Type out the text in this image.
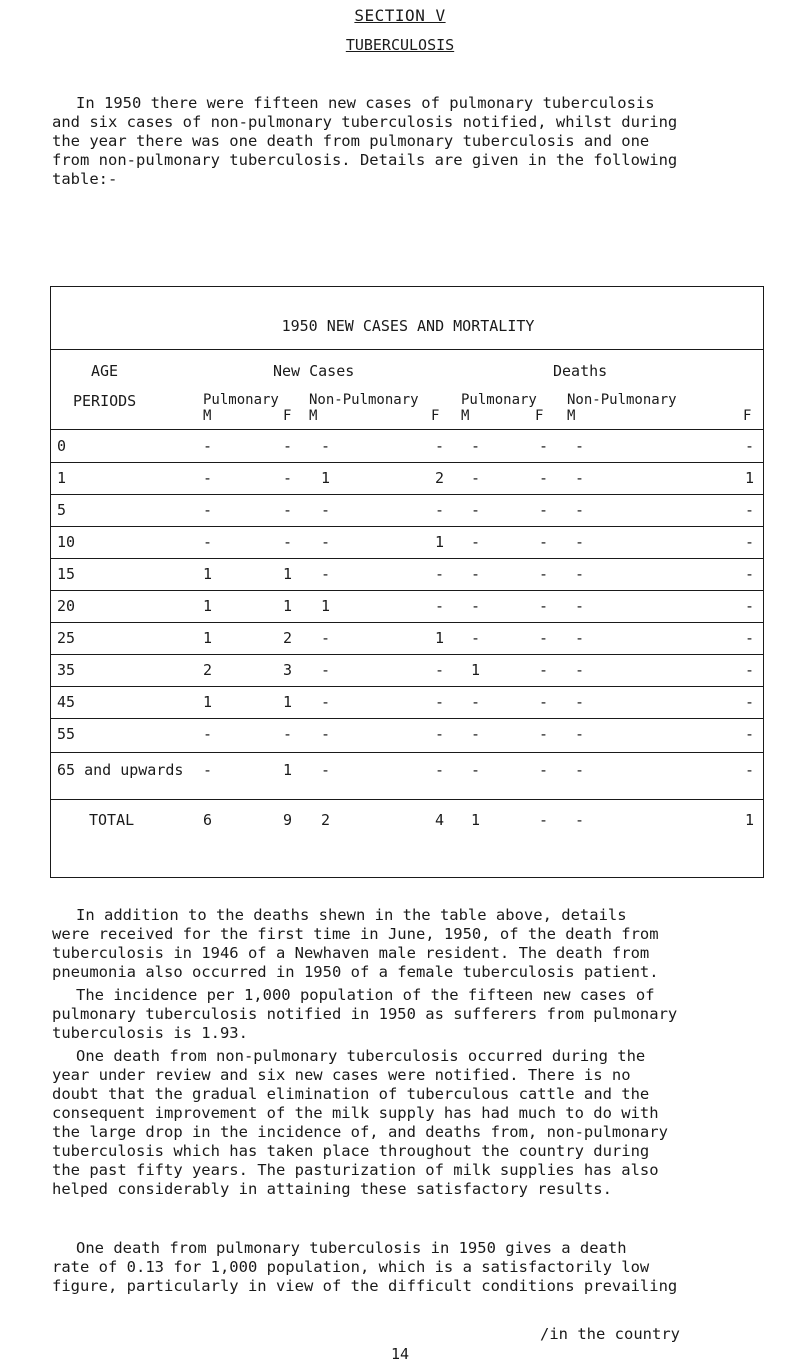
SECTION V
TUBERCULOSIS

In 1950 there were fifteen new cases of pulmonary tuberculosis
and six cases of non-pulmonary tuberculosis notified, whilst during
the year there was one death from pulmonary tuberculosis and one
from non-pulmonary tuberculosis. Details are given in the following
table:-

1950 NEW CASES AND MORTALITY
AGE	New Cases	Deaths
PERIODS	Pulmonary Non-Pulmonary	Pulmonary Non-Pulmonary
M	F M	F M	F M	F
0	-	- -	- -	- -	-
1	-	- 1	2 -	- -	1
5	-	- -	- -	- -	-
10	-	- -	1 -	- -	-
15	1	1 -	- -	- -	-
20	1	1 1	- -	- -	-
25	1	2 -	1 -	- -	-
35	2	3 -	- 1	- -	-
45	1	1 -	- -	- -	-
55	-	- -	- -	- -	-
65 and upwards -	1 -	- -	- -	-
TOTAL	6	9 2	4 1	- -	1

In addition to the deaths shewn in the table above, details
were received for the first time in June, 1950, of the death from
tuberculosis in 1946 of a Newhaven male resident. The death from
pneumonia also occurred in 1950 of a female tuberculosis patient.

The incidence per 1,000 population of the fifteen new cases of
pulmonary tuberculosis notified in 1950 as sufferers from pulmonary
tuberculosis is 1.93.

One death from non-pulmonary tuberculosis occurred during the
year under review and six new cases were notified. There is no
doubt that the gradual elimination of tuberculous cattle and the
consequent improvement of the milk supply has had much to do with
the large drop in the incidence of, and deaths from, non-pulmonary
tuberculosis which has taken place throughout the country during
the past fifty years. The pasturization of milk supplies has also
helped considerably in attaining these satisfactory results.

One death from pulmonary tuberculosis in 1950 gives a death
rate of 0.13 for 1,000 population, which is a satisfactorily low
figure, particularly in view of the difficult conditions prevailing

/in the country
14
